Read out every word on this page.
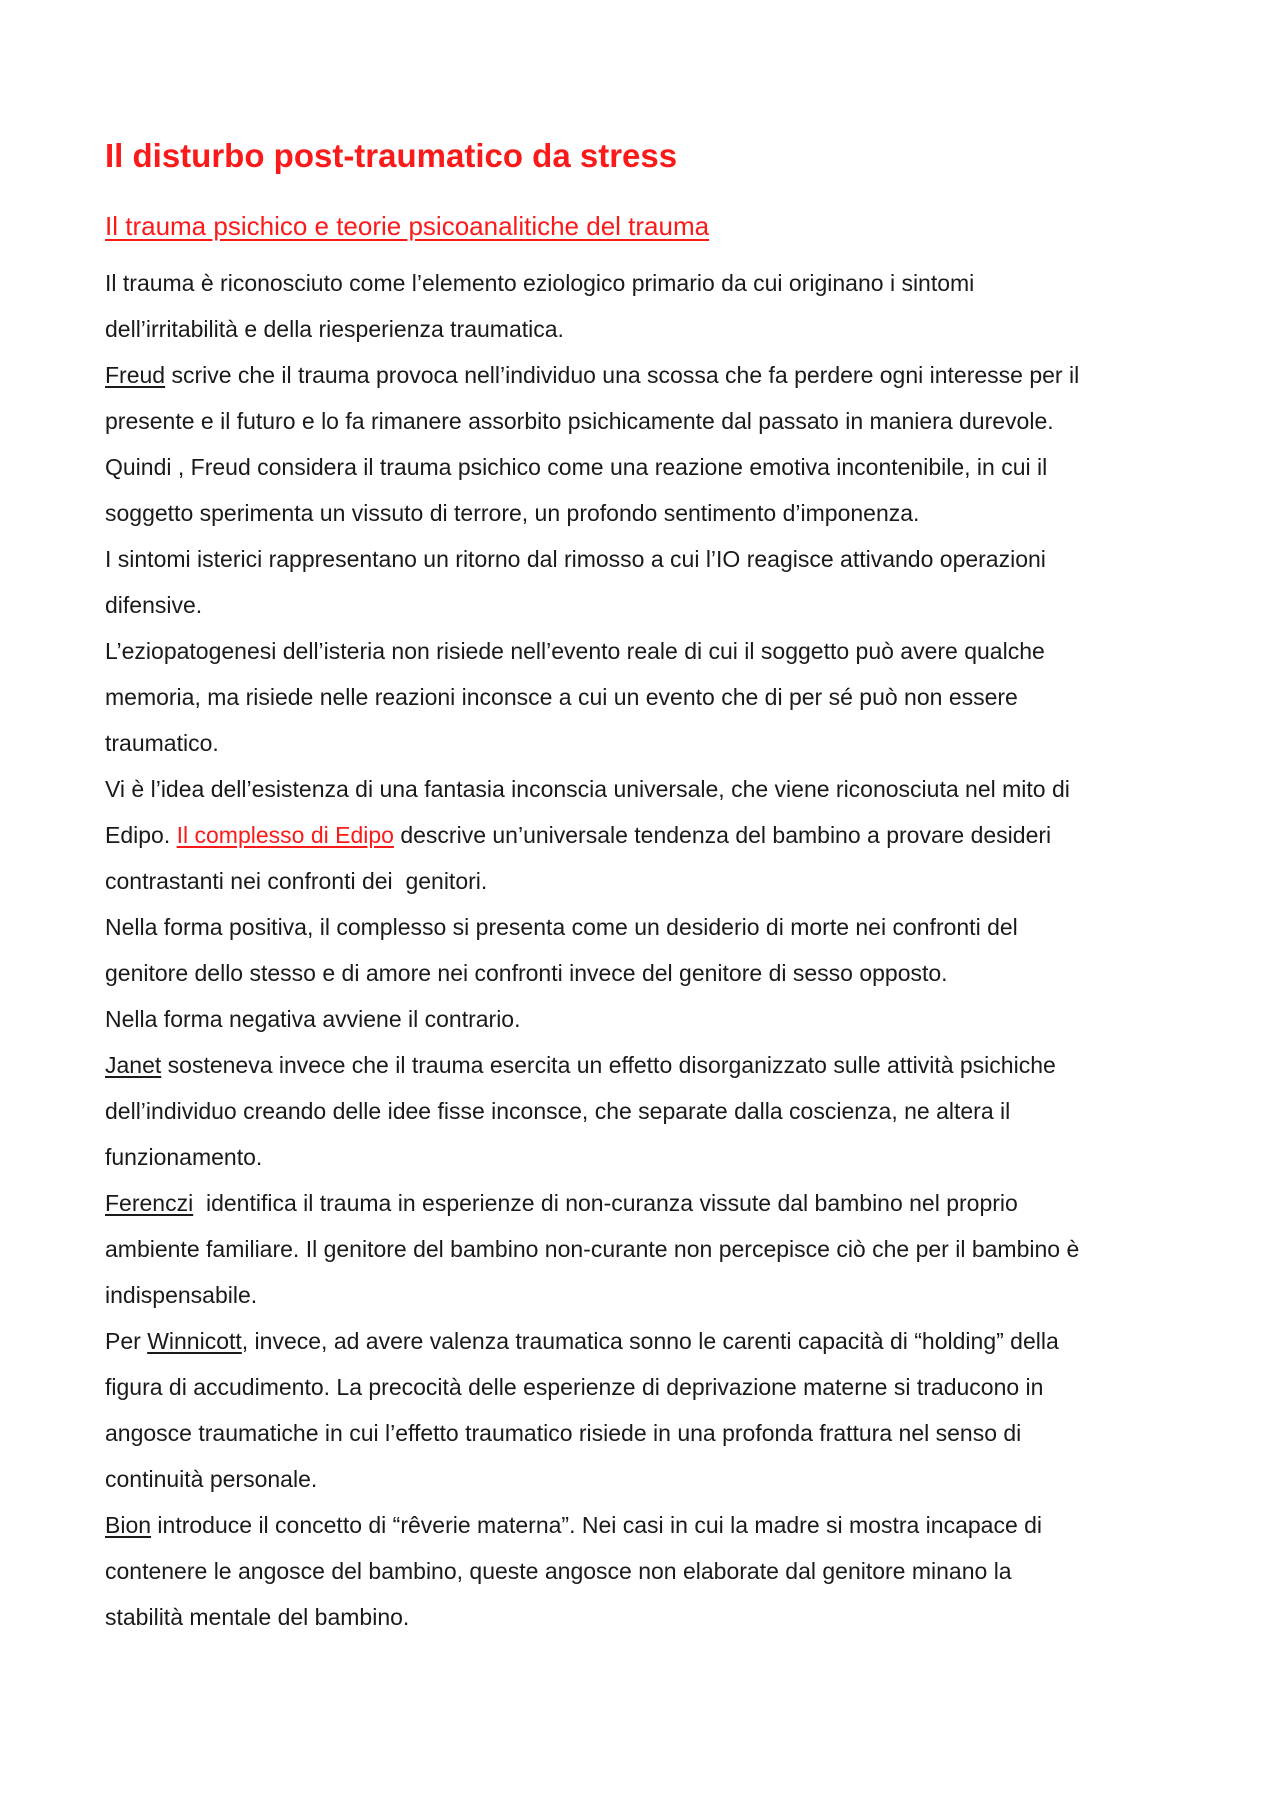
Il disturbo post-traumatico da stress
Il trauma psichico e teorie psicoanalitiche del trauma

Il trauma è riconosciuto come l’elemento eziologico primario da cui originano i sintomi dell’irritabilità e della riesperienza traumatica.

Freud scrive che il trauma provoca nell’individuo una scossa che fa perdere ogni interesse per il presente e il futuro e lo fa rimanere assorbito psichicamente dal passato in maniera durevole. Quindi , Freud considera il trauma psichico come una reazione emotiva incontenibile, in cui il soggetto sperimenta un vissuto di terrore, un profondo sentimento d’imponenza.

I sintomi isterici rappresentano un ritorno dal rimosso a cui l’IO reagisce attivando operazioni difensive.

L’eziopatogenesi dell’isteria non risiede nell’evento reale di cui il soggetto può avere qualche memoria, ma risiede nelle reazioni inconsce a cui un evento che di per sé può non essere traumatico.

Vi è l’idea dell’esistenza di una fantasia inconscia universale, che viene riconosciuta nel mito di Edipo. Il complesso di Edipo descrive un’universale tendenza del bambino a provare desideri contrastanti nei confronti dei  genitori.

Nella forma positiva, il complesso si presenta come un desiderio di morte nei confronti del genitore dello stesso e di amore nei confronti invece del genitore di sesso opposto.

Nella forma negativa avviene il contrario.

Janet sosteneva invece che il trauma esercita un effetto disorganizzato sulle attività psichiche dell’individuo creando delle idee fisse inconsce, che separate dalla coscienza, ne altera il funzionamento.

Ferenczi  identifica il trauma in esperienze di non-curanza vissute dal bambino nel proprio ambiente familiare. Il genitore del bambino non-curante non percepisce ciò che per il bambino è indispensabile.

Per Winnicott, invece, ad avere valenza traumatica sonno le carenti capacità di “holding” della figura di accudimento. La precocità delle esperienze di deprivazione materne si traducono in angosce traumatiche in cui l’effetto traumatico risiede in una profonda frattura nel senso di continuità personale.

Bion introduce il concetto di “rêverie materna”. Nei casi in cui la madre si mostra incapace di contenere le angosce del bambino, queste angosce non elaborate dal genitore minano la stabilità mentale del bambino.
